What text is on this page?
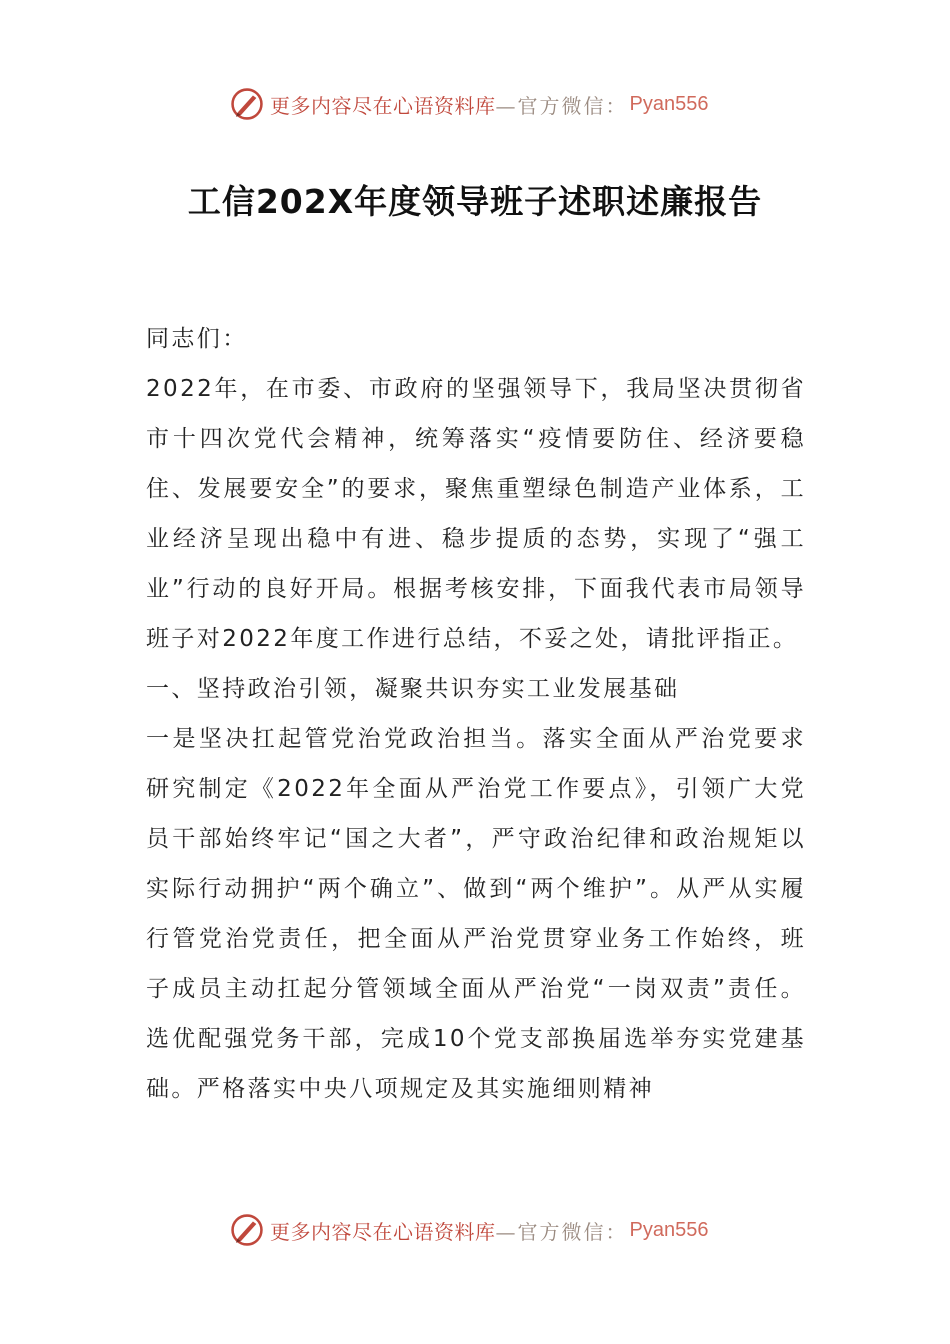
更多内容尽在心语资料库 —官方微信： Pyan556
工信202X年度领导班子述职述廉报告

同志们：

2022年，在市委、市政府的坚强领导下，我局坚决贯彻省市十四次党代会精神，统筹落实“疫情要防住、经济要稳住、发展要安全”的要求，聚焦重塑绿色制造产业体系，工业经济呈现出稳中有进、稳步提质的态势，实现了“强工业”行动的良好开局。根据考核安排，下面我代表市局领导班子对2022年度工作进行总结，不妥之处，请批评指正。

一、坚持政治引领，凝聚共识夯实工业发展基础

一是坚决扛起管党治党政治担当。落实全面从严治党要求研究制定《2022年全面从严治党工作要点》，引领广大党员干部始终牢记“国之大者”，严守政治纪律和政治规矩以实际行动拥护“两个确立”、做到“两个维护”。从严从实履行管党治党责任，把全面从严治党贯穿业务工作始终，班子成员主动扛起分管领域全面从严治党“一岗双责”责任。选优配强党务干部，完成10个党支部换届选举夯实党建基础。严格落实中央八项规定及其实施细则精神

更多内容尽在心语资料库 —官方微信： Pyan556
